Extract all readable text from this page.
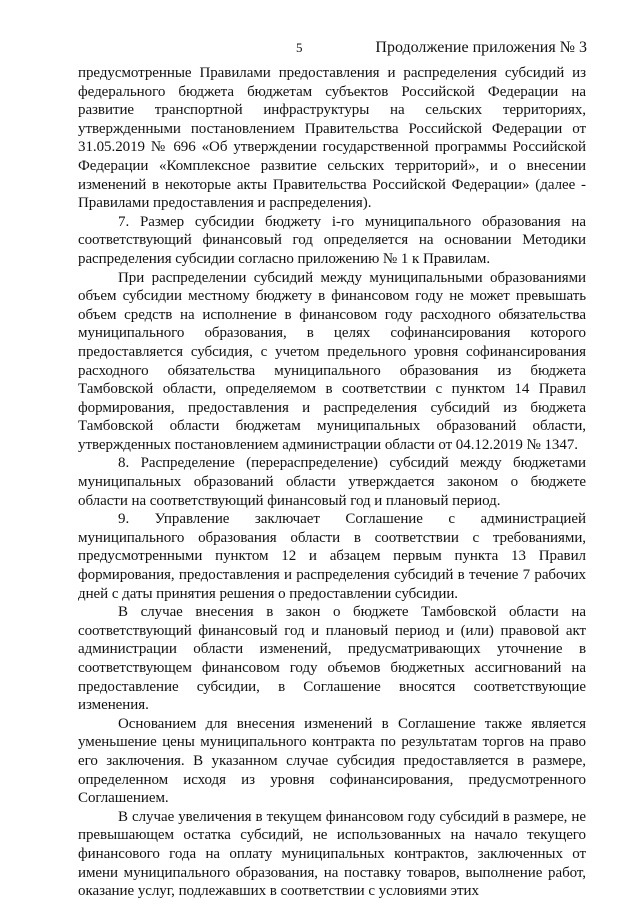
5	Продолжение приложения № 3

предусмотренные Правилами предоставления и распределения субсидий из федерального бюджета бюджетам субъектов Российской Федерации на развитие транспортной инфраструктуры на сельских территориях, утвержденными постановлением Правительства Российской Федерации от 31.05.2019 № 696 «Об утверждении государственной программы Российской Федерации «Комплексное развитие сельских территорий», и о внесении изменений в некоторые акты Правительства Российской Федерации» (далее - Правилами предоставления и распределения).

7. Размер субсидии бюджету i-го муниципального образования на соответствующий финансовый год определяется на основании Методики распределения субсидии согласно приложению № 1 к Правилам.

При распределении субсидий между муниципальными образованиями объем субсидии местному бюджету в финансовом году не может превышать объем средств на исполнение в финансовом году расходного обязательства муниципального образования, в целях софинансирования которого предоставляется субсидия, с учетом предельного уровня софинансирования расходного обязательства муниципального образования из бюджета Тамбовской области, определяемом в соответствии с пунктом 14 Правил формирования, предоставления и распределения субсидий из бюджета Тамбовской области бюджетам муниципальных образований области, утвержденных постановлением администрации области от 04.12.2019 № 1347.

8. Распределение (перераспределение) субсидий между бюджетами муниципальных образований области утверждается законом о бюджете области на соответствующий финансовый год и плановый период.

9. Управление заключает Соглашение с администрацией муниципального образования области в соответствии с требованиями, предусмотренными пунктом 12 и абзацем первым пункта 13 Правил формирования, предоставления и распределения субсидий в течение 7 рабочих дней с даты принятия решения о предоставлении субсидии.

В случае внесения в закон о бюджете Тамбовской области на соответствующий финансовый год и плановый период и (или) правовой акт администрации области изменений, предусматривающих уточнение в соответствующем финансовом году объемов бюджетных ассигнований на предоставление субсидии, в Соглашение вносятся соответствующие изменения.

Основанием для внесения изменений в Соглашение также является уменьшение цены муниципального контракта по результатам торгов на право его заключения. В указанном случае субсидия предоставляется в размере, определенном исходя из уровня софинансирования, предусмотренного Соглашением.

В случае увеличения в текущем финансовом году субсидий в размере, не превышающем остатка субсидий, не использованных на начало текущего финансового года на оплату муниципальных контрактов, заключенных от имени муниципального образования, на поставку товаров, выполнение работ, оказание услуг, подлежавших в соответствии с условиями этих
